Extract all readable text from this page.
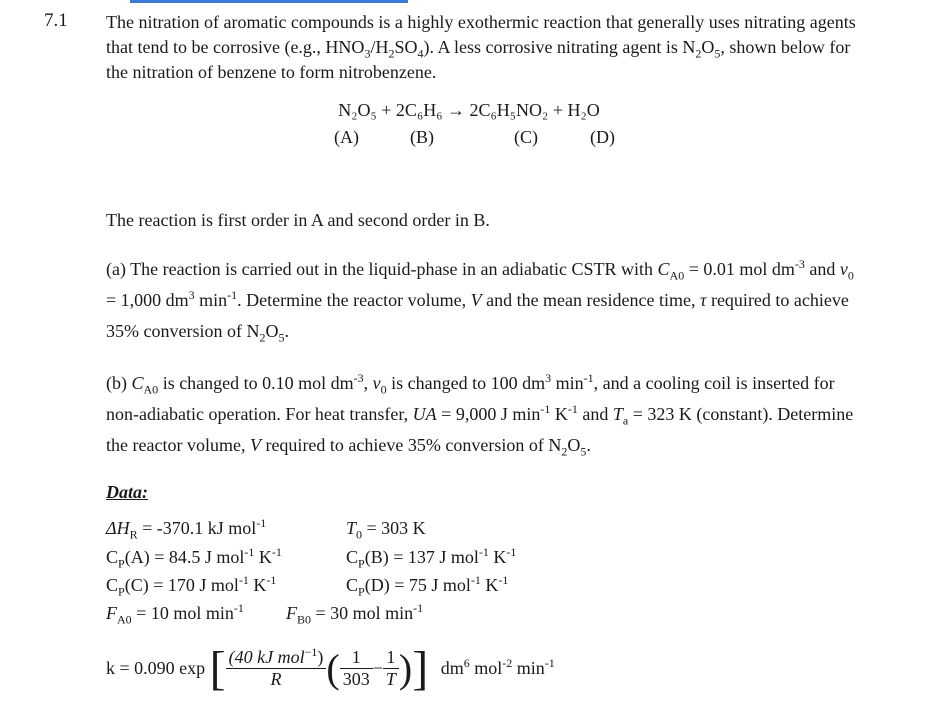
7.1 The nitration of aromatic compounds is a highly exothermic reaction that generally uses nitrating agents that tend to be corrosive (e.g., $HNO_3/H_2SO_4$). A less corrosive nitrating agent is $N_2O_5$, shown below for the nitration of benzene to form nitrobenzene.
N₂O₅ + 2C₆H₆ → 2C₆H₅NO₂ + H₂O
(A)	(B)	(C)	(D)
The reaction is first order in A and second order in B.
(a) The reaction is carried out in the liquid-phase in an adiabatic CSTR with $C_{A0} = 0.01$ mol $dm^{-3}$ and $v_0 = 1,000$ $dm^3$ $\min^{-1}$. Determine the reactor volume, V and the mean residence time, τ required to achieve 35% conversion of $N_2O_5$.
(b) $C_{A0}$ is changed to 0.10 mol $dm^{-3}$, $v_0$ is changed to 100 $dm^3$ $\min^{-1}$, and a cooling coil is inserted for non-adiabatic operation. For heat transfer, UA = 9,000 J $\min^{-1} K^{-1}$ and $T_a = 323$ K (constant). Determine the reactor volume, V required to achieve 35% conversion of $N_2O_5$.
Data:
$\Delta H_R = -370.1$ kJ mol$^{-1}$	$T_0 = 303$ K
$C_P(A) = 84.5$ J mol$^{-1}$ $K^{-1}$	$C_P(B) = 137$ J mol$^{-1}$ $K^{-1}$
$C_P(C) = 170$ J mol$^{-1}$ $K^{-1}$	$C_P(D) = 75$ J mol$^{-1}$ $K^{-1}$
$F_{A0} = 10$ mol $\min^{-1} F_{B0} = 30$ mol $\min^{-1}$
k = 0.090 exp [ $\frac{(40 kJ mol^{-1})}{R}$ ( $\frac{1}{303} - \frac{1}{T}$ )] $dm^6$ mol$^{-2}$ $\min^{-1}$
